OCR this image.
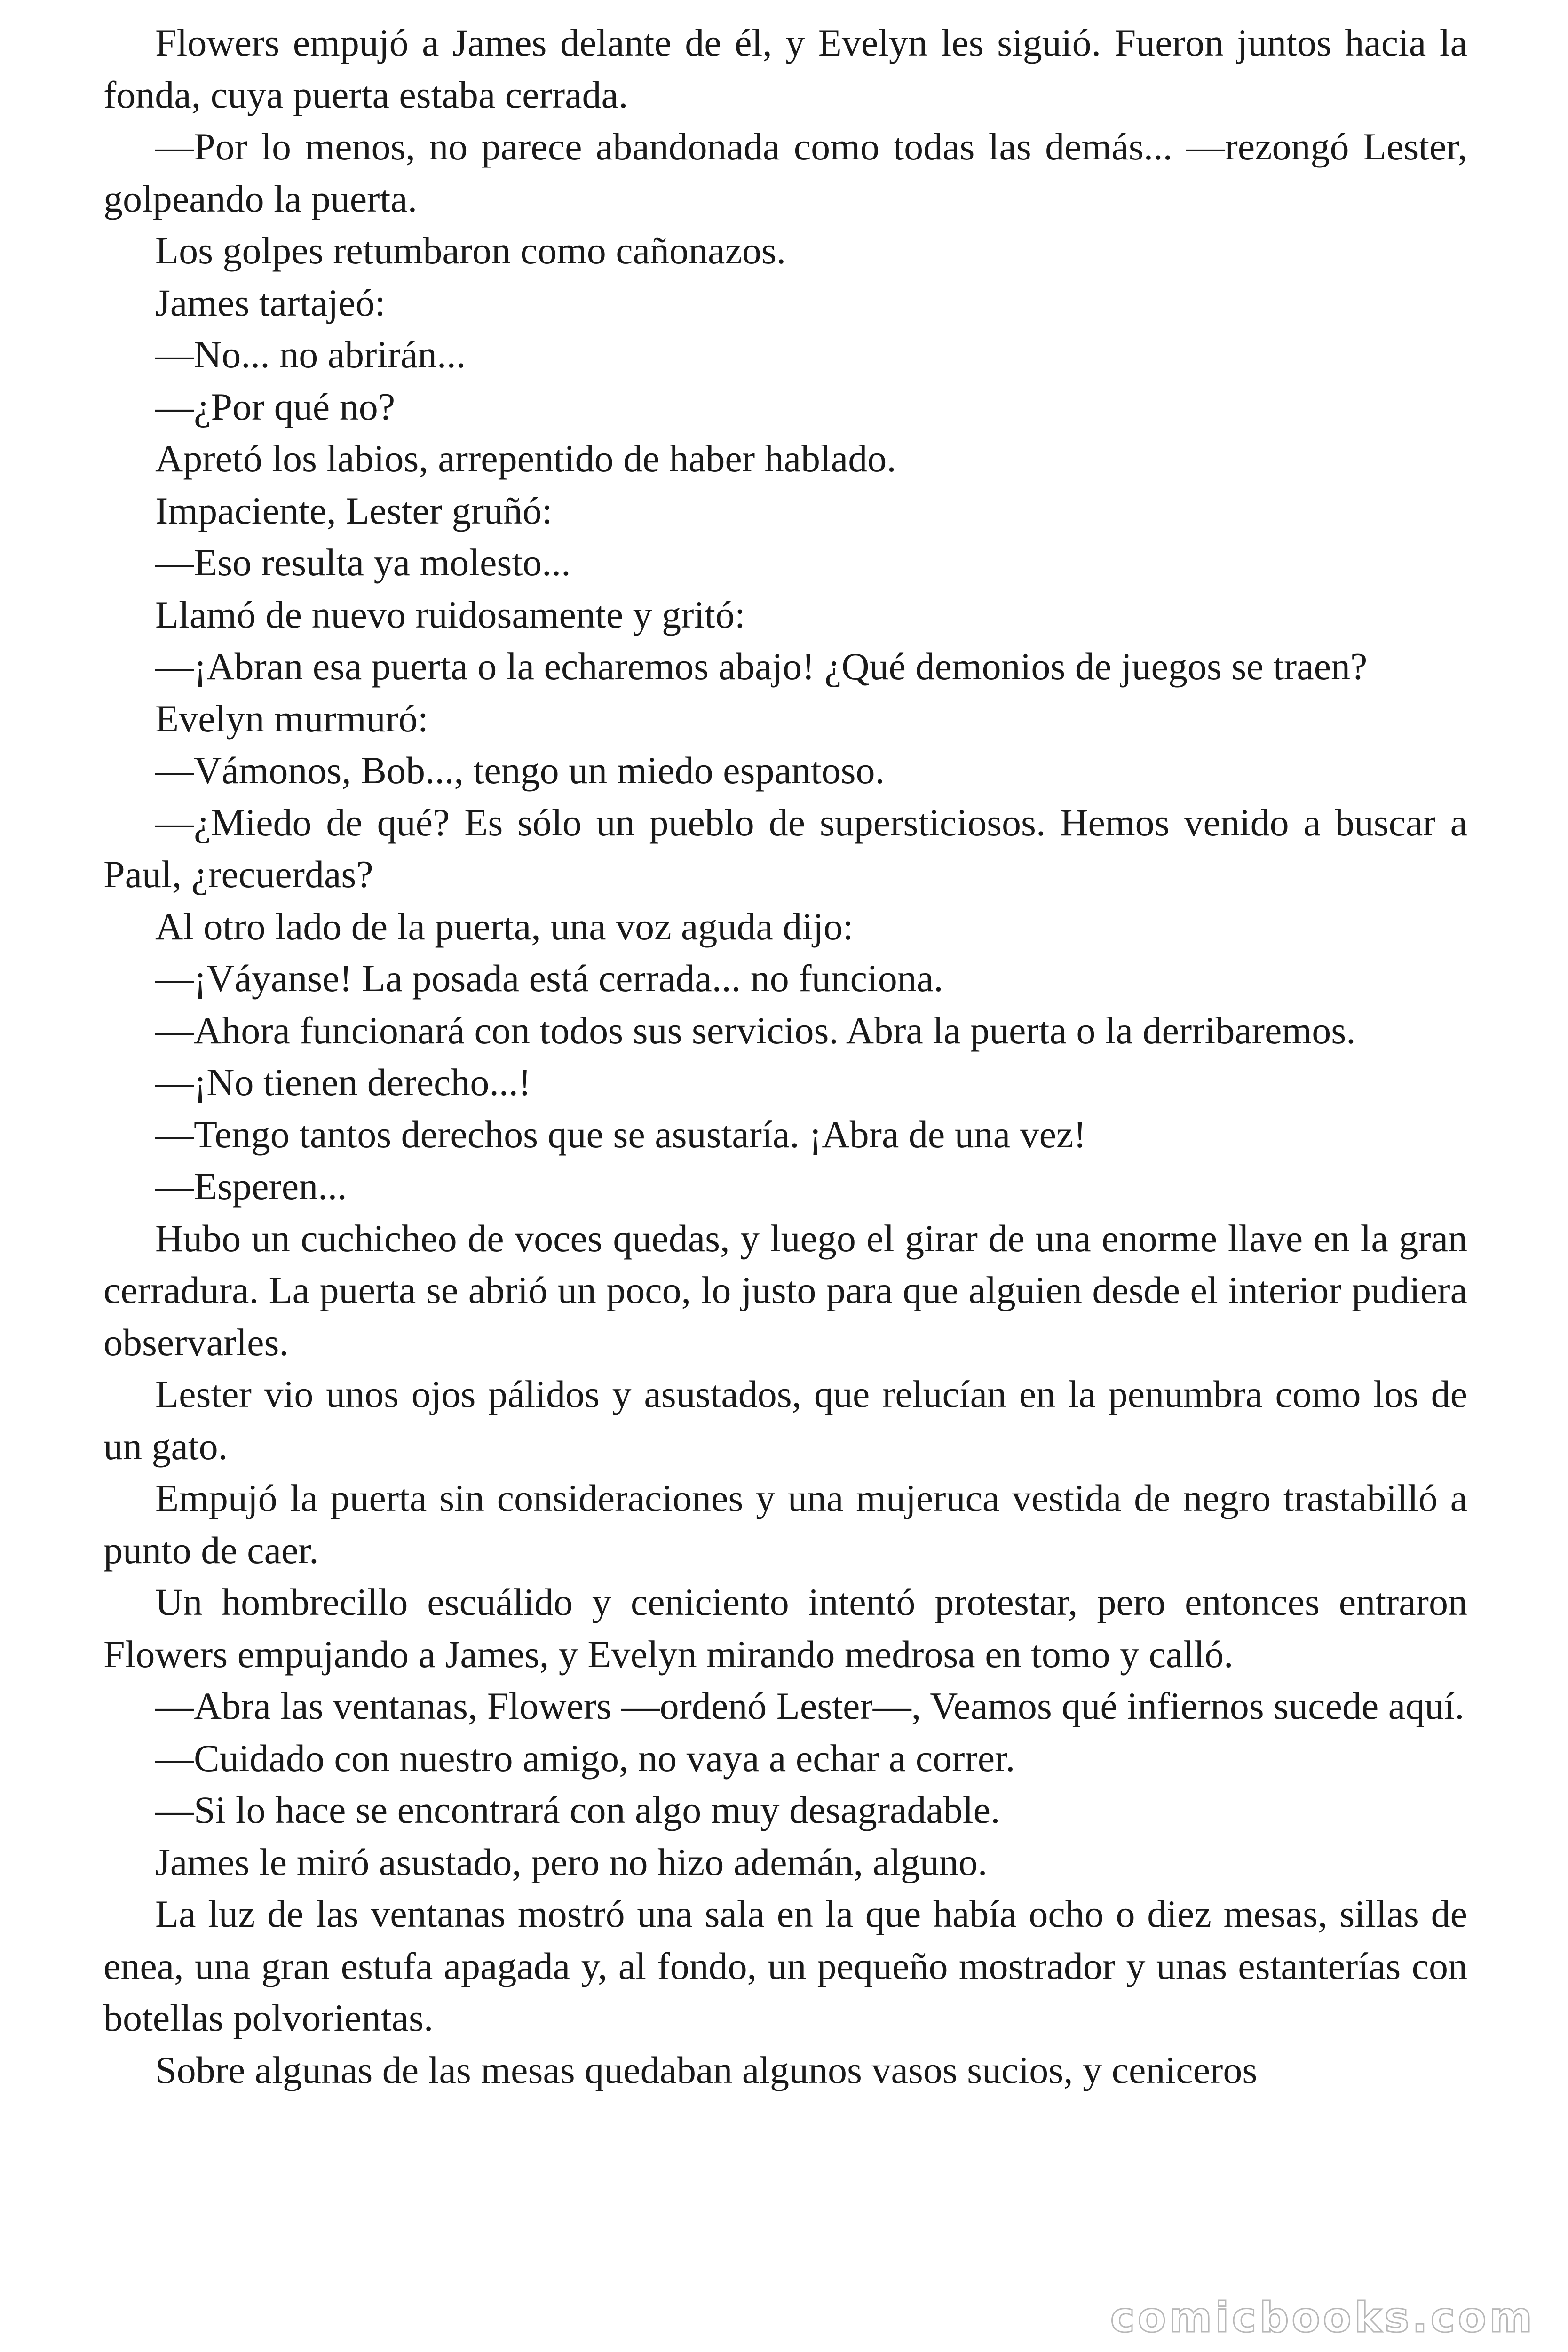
Flowers empujó a James delante de él, y Evelyn les siguió. Fueron juntos hacia la fonda, cuya puerta estaba cerrada.

—Por lo menos, no parece abandonada como todas las demás... —rezongó Lester, golpeando la puerta.

Los golpes retumbaron como cañonazos.

James tartajeó:

—No... no abrirán...

—¿Por qué no?

Apretó los labios, arrepentido de haber hablado.

Impaciente, Lester gruñó:

—Eso resulta ya molesto...

Llamó de nuevo ruidosamente y gritó:

—¡Abran esa puerta o la echaremos abajo! ¿Qué demonios de juegos se traen?

Evelyn murmuró:

—Vámonos, Bob..., tengo un miedo espantoso.

—¿Miedo de qué? Es sólo un pueblo de supersticiosos. Hemos venido a buscar a Paul, ¿recuerdas?

Al otro lado de la puerta, una voz aguda dijo:

—¡Váyanse! La posada está cerrada... no funciona.

—Ahora funcionará con todos sus servicios. Abra la puerta o la derribaremos.

—¡No tienen derecho...!

—Tengo tantos derechos que se asustaría. ¡Abra de una vez!

—Esperen...

Hubo un cuchicheo de voces quedas, y luego el girar de una enorme llave en la gran cerradura. La puerta se abrió un poco, lo justo para que alguien desde el interior pudiera observarles.

Lester vio unos ojos pálidos y asustados, que relucían en la penumbra como los de un gato.

Empujó la puerta sin consideraciones y una mujeruca vestida de negro trastabilló a punto de caer.

Un hombrecillo escuálido y ceniciento intentó protestar, pero entonces entraron Flowers empujando a James, y Evelyn mirando medrosa en tomo y calló.

—Abra las ventanas, Flowers —ordenó Lester—, Veamos qué infiernos sucede aquí.

—Cuidado con nuestro amigo, no vaya a echar a correr.

—Si lo hace se encontrará con algo muy desagradable.

James le miró asustado, pero no hizo ademán, alguno.

La luz de las ventanas mostró una sala en la que había ocho o diez mesas, sillas de enea, una gran estufa apagada y, al fondo, un pequeño mostrador y unas estanterías con botellas polvorientas.

Sobre algunas de las mesas quedaban algunos vasos sucios, y ceniceros

comicbooks.com
